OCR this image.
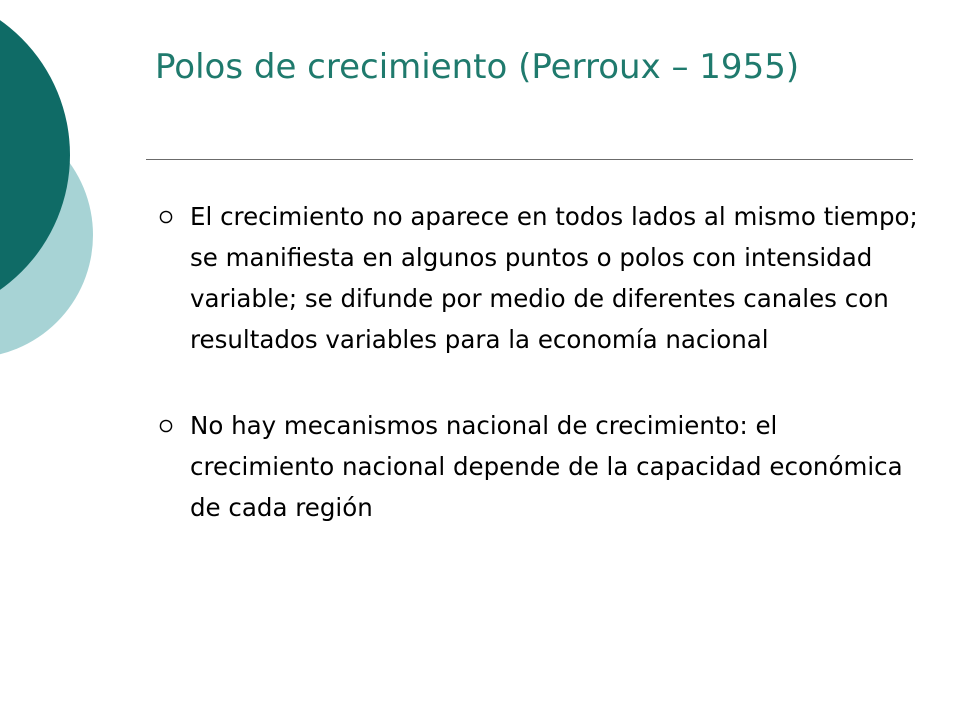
Polos de crecimiento (Perroux – 1955)
El crecimiento no aparece en todos lados al mismo tiempo; se manifiesta en algunos puntos o polos con intensidad variable; se difunde por medio de diferentes canales con resultados variables para la economía nacional
No hay mecanismos nacional de crecimiento: el crecimiento nacional depende de la capacidad económica de cada región
